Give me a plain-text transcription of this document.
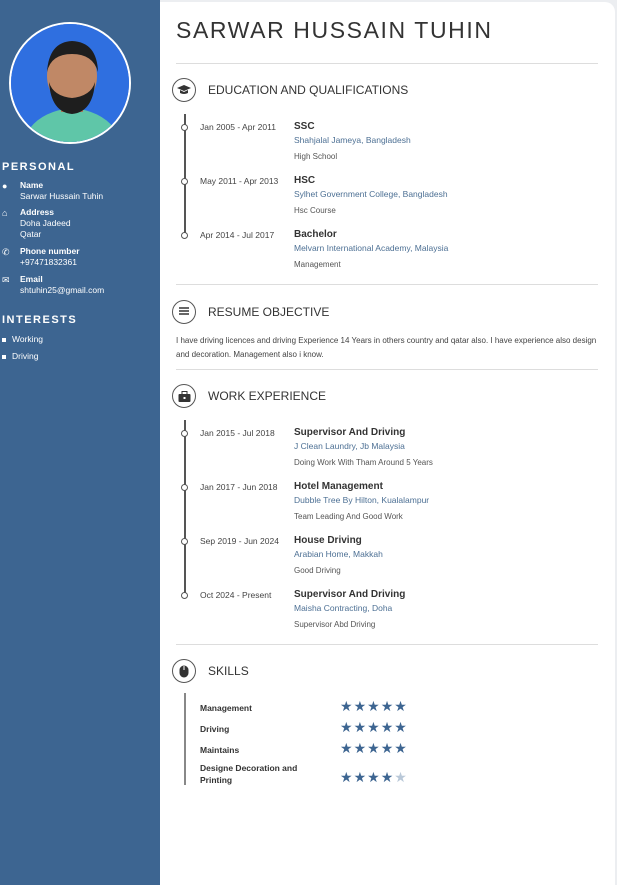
PERSONAL
●	Name
Sarwar Hussain Tuhin
⌂	Address
Doha Jadeed
Qatar
✆ Phone number
+97471832361
✉ Email
shtuhin25@gmail.com
INTERESTS
Working
Driving
SARWAR HUSSAIN TUHIN
EDUCATION AND QUALIFICATIONS
Jan 2005 - Apr 2011 SSC
Shahjalal Jameya, Bangladesh
High School
May 2011 - Apr 2013 HSC
Sylhet Government College, Bangladesh
Hsc Course
Apr 2014 - Jul 2017 Bachelor
Melvarn International Academy, Malaysia
Management
RESUME OBJECTIVE

I have driving licences and driving Experience 14 Years in others country and qatar also. I have experience also design and decoration. Management also i know.

WORK EXPERIENCE
Jan 2015 - Jul 2018 Supervisor And Driving
J Clean Laundry, Jb Malaysia
Doing Work With Tham Around 5 Years
Jan 2017 - Jun 2018 Hotel Management
Dubble Tree By Hilton, Kualalampur
Team Leading And Good Work
Sep 2019 - Jun 2024 House Driving
Arabian Home, Makkah
Good Driving
Oct 2024 - Present Supervisor And Driving
Maisha Contracting, Doha
Supervisor Abd Driving
SKILLS
Management	★★★★★
Driving	★★★★★
Maintains	★★★★★
Designe Decoration and Printing	★★★★★
